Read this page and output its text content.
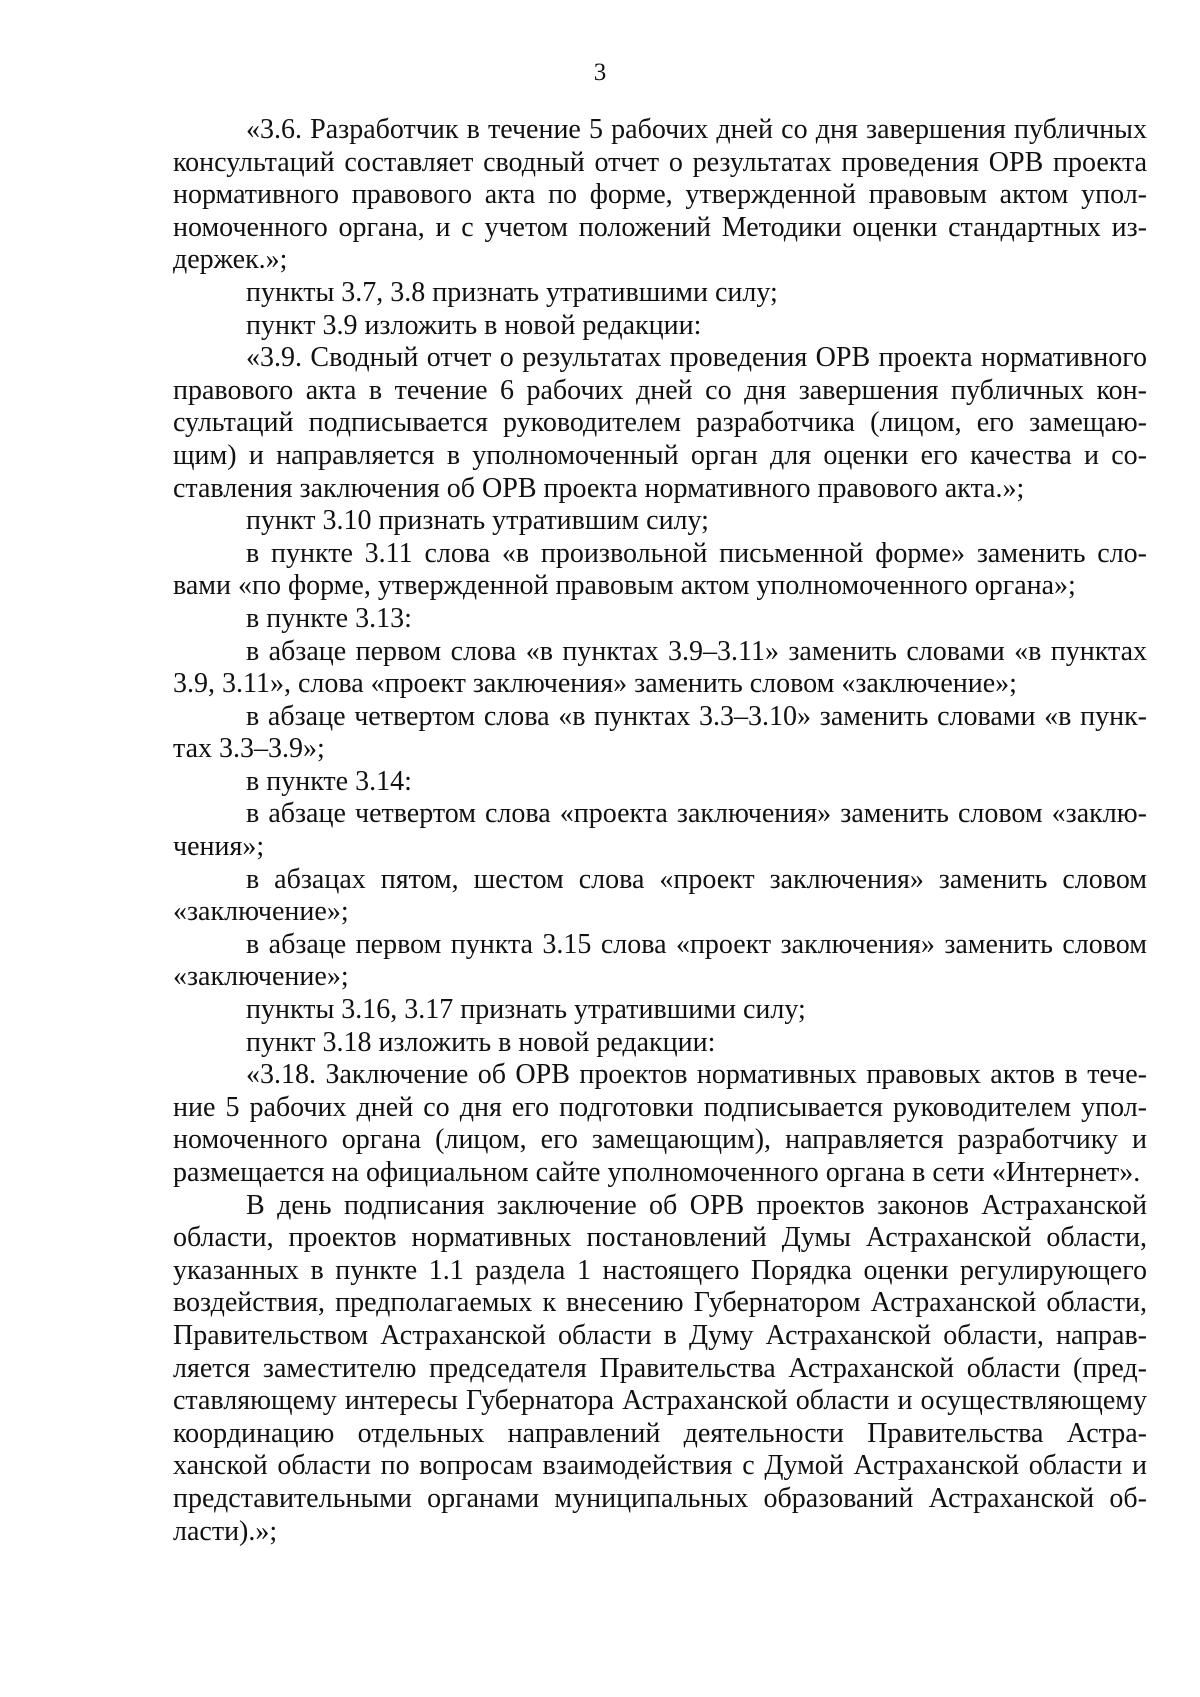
3

«3.6. Разработчик в течение 5 рабочих дней со дня завершения публичных консультаций составляет сводный отчет о результатах проведения ОРВ проекта нормативного правового акта по форме, утвержденной правовым актом уполномоченного органа, и с учетом положений Методики оценки стандартных издержек.»;

пункты 3.7, 3.8 признать утратившими силу;

пункт 3.9 изложить в новой редакции:

«3.9. Сводный отчет о результатах проведения ОРВ проекта нормативного правового акта в течение 6 рабочих дней со дня завершения публичных консультаций подписывается руководителем разработчика (лицом, его замещающим) и направляется в уполномоченный орган для оценки его качества и составления заключения об ОРВ проекта нормативного правового акта.»;

пункт 3.10 признать утратившим силу;

в пункте 3.11 слова «в произвольной письменной форме» заменить словами «по форме, утвержденной правовым актом уполномоченного органа»;

в пункте 3.13:

в абзаце первом слова «в пунктах 3.9–3.11» заменить словами «в пунктах 3.9, 3.11», слова «проект заключения» заменить словом «заключение»;

в абзаце четвертом слова «в пунктах 3.3–3.10» заменить словами «в пунктах 3.3–3.9»;

в пункте 3.14:

в абзаце четвертом слова «проекта заключения» заменить словом «заключения»;

в абзацах пятом, шестом слова «проект заключения» заменить словом «заключение»;

в абзаце первом пункта 3.15 слова «проект заключения» заменить словом «заключение»;

пункты 3.16, 3.17 признать утратившими силу;

пункт 3.18 изложить в новой редакции:

«3.18. Заключение об ОРВ проектов нормативных правовых актов в течение 5 рабочих дней со дня его подготовки подписывается руководителем уполномоченного органа (лицом, его замещающим), направляется разработчику и размещается на официальном сайте уполномоченного органа в сети «Интернет».

В день подписания заключение об ОРВ проектов законов Астраханской области, проектов нормативных постановлений Думы Астраханской области, указанных в пункте 1.1 раздела 1 настоящего Порядка оценки регулирующего воздействия, предполагаемых к внесению Губернатором Астраханской области, Правительством Астраханской области в Думу Астраханской области, направляется заместителю председателя Правительства Астраханской области (представляющему интересы Губернатора Астраханской области и осуществляющему координацию отдельных направлений деятельности Правительства Астраханской области по вопросам взаимодействия с Думой Астраханской области и представительными органами муниципальных образований Астраханской области).»;
